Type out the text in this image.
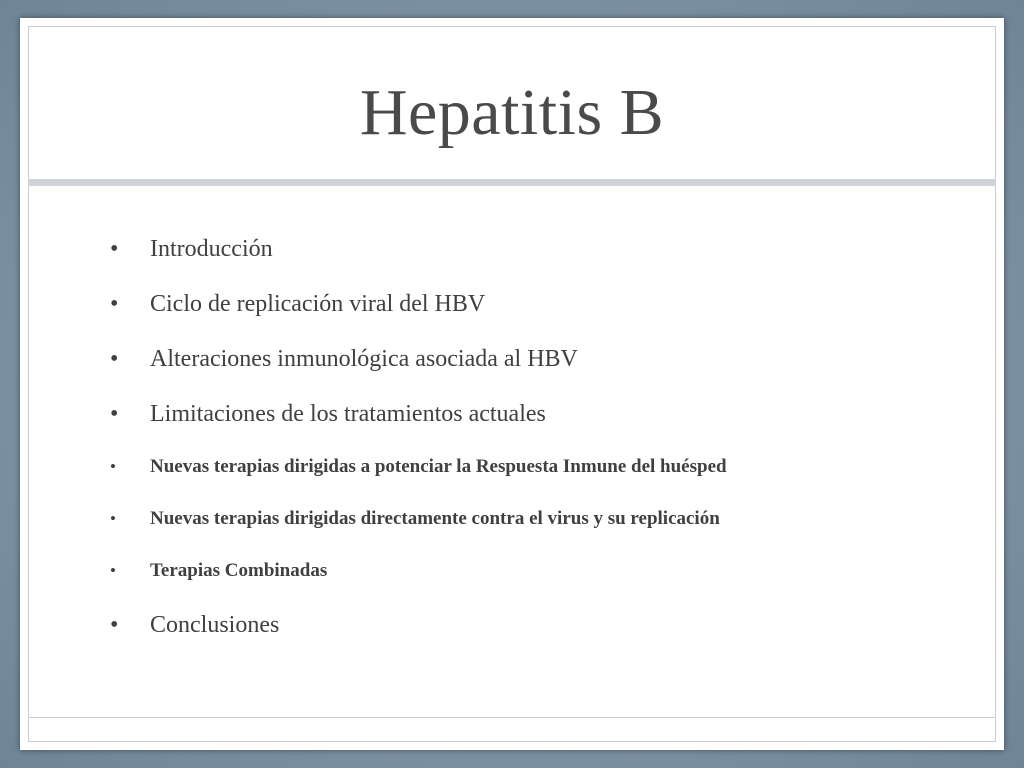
Hepatitis B
•	Introducción
•	Ciclo de replicación viral del HBV
•	Alteraciones inmunológica asociada al HBV
•	Limitaciones de los tratamientos actuales
•	Nuevas terapias dirigidas a potenciar la Respuesta Inmune del huésped
•	Nuevas terapias dirigidas directamente contra el virus y su replicación
•	Terapias Combinadas
•	Conclusiones
